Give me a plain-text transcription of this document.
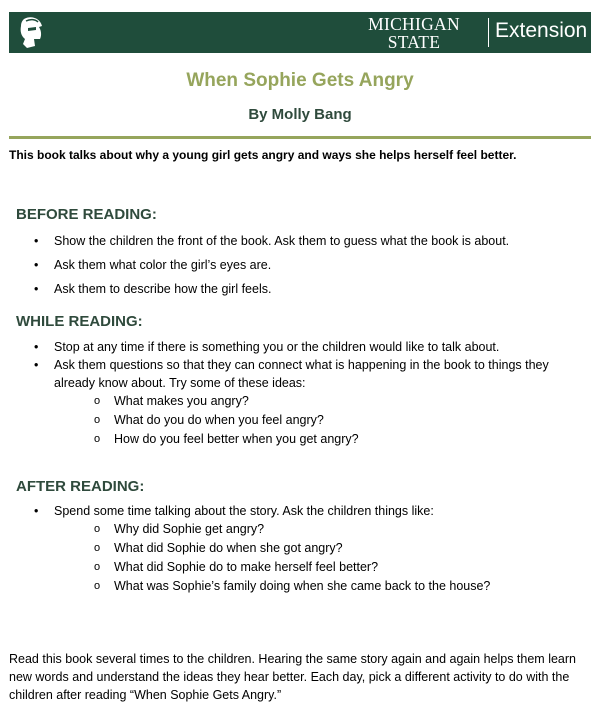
MICHIGAN STATE
UNIVERSITY
Extension
When Sophie Gets Angry
By Molly Bang
This book talks about why a young girl gets angry and ways she helps herself feel better.
BEFORE READING:
• Show the children the front of the book. Ask them to guess what the book is about.
• Ask them what color the girl’s eyes are.
• Ask them to describe how the girl feels.
WHILE READING:
• Stop at any time if there is something you or the children would like to talk about.
• Ask them questions so that they can connect what is happening in the book to things they already know about. Try some of these ideas:
o What makes you angry?
o What do you do when you feel angry?
o How do you feel better when you get angry?
AFTER READING:
• Spend some time talking about the story. Ask the children things like:
o Why did Sophie get angry?
o What did Sophie do when she got angry?
o What did Sophie do to make herself feel better?
o What was Sophie’s family doing when she came back to the house?
Read this book several times to the children. Hearing the same story again and again helps them learn new words and understand the ideas they hear better. Each day, pick a different activity to do with the children after reading “When Sophie Gets Angry.”
